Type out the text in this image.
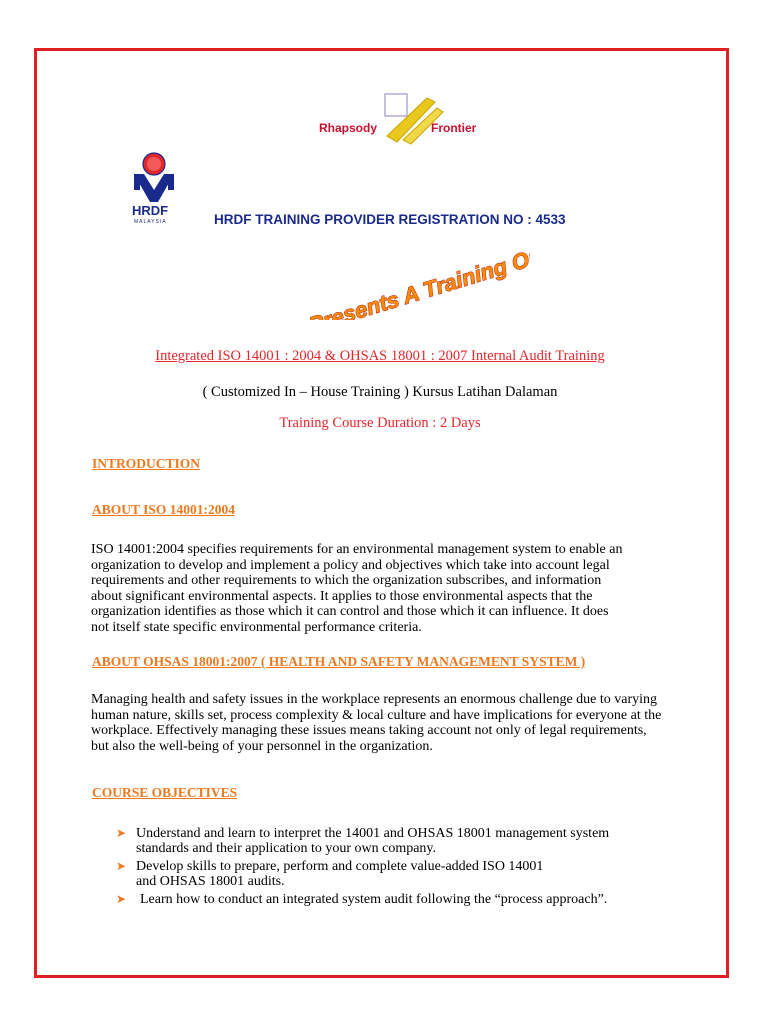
Rhapsody	Frontier
HRDF
MALAYSIA	HRDF TRAINING PROVIDER REGISTRATION NO : 4533
Presents A Training On
Integrated ISO 14001 : 2004 & OHSAS 18001 : 2007 Internal Audit Training
( Customized In – House Training ) Kursus Latihan Dalaman
Training Course Duration : 2 Days
INTRODUCTION
ABOUT ISO 14001:2004

ISO 14001:2004 specifies requirements for an environmental management system to enable an

organization to develop and implement a policy and objectives which take into account legal

requirements and other requirements to which the organization subscribes, and information

about significant environmental aspects. It applies to those environmental aspects that the

organization identifies as those which it can control and those which it can influence. It does

not itself state specific environmental performance criteria.

ABOUT OHSAS 18001:2007 ( HEALTH AND SAFETY MANAGEMENT SYSTEM )

Managing health and safety issues in the workplace represents an enormous challenge due to varying

human nature, skills set, process complexity & local culture and have implications for everyone at the

workplace. Effectively managing these issues means taking account not only of legal requirements,

but also the well-being of your personnel in the organization.

COURSE OBJECTIVES
➤ Understand and learn to interpret the 14001 and OHSAS 18001 management system
standards and their application to your own company.
➤ Develop skills to prepare, perform and complete value-added ISO 14001
and OHSAS 18001 audits.
➤ Learn how to conduct an integrated system audit following the “process approach”.
